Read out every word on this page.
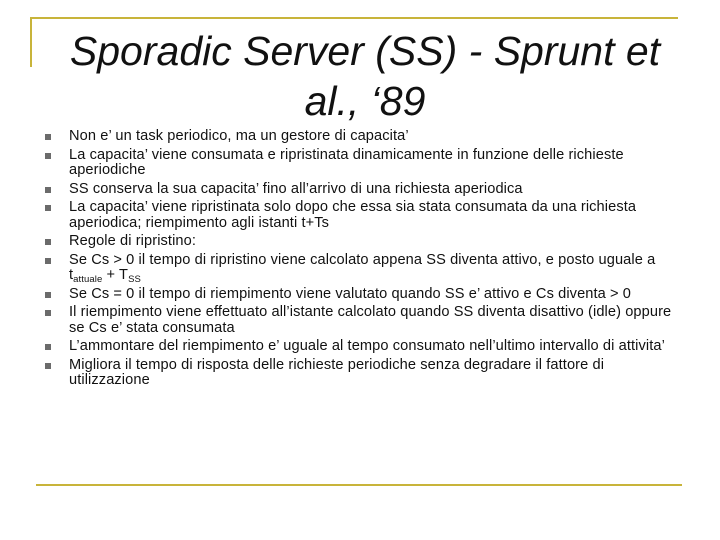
Sporadic Server (SS) - Sprunt et
al., ‘89
Non e’ un task periodico, ma un gestore di capacita’
La capacita’ viene consumata e ripristinata dinamicamente in funzione delle richieste aperiodiche
SS conserva la sua capacita’ fino all’arrivo di una richiesta aperiodica
La capacita’ viene ripristinata solo dopo che essa sia stata consumata da una richiesta aperiodica; riempimento agli istanti t+Ts
Regole di ripristino:
Se Cs > 0 il tempo di ripristino viene calcolato appena SS diventa attivo, e posto uguale a $t_{attuale} + T_{SS}$
Se Cs = 0 il tempo di riempimento viene valutato quando SS e’ attivo e Cs diventa > 0
Il riempimento viene effettuato all’istante calcolato quando SS diventa disattivo (idle) oppure se Cs e’ stata consumata
L’ammontare del riempimento e’ uguale al tempo consumato nell’ultimo intervallo di attivita’
Migliora il tempo di risposta delle richieste periodiche senza degradare il fattore di utilizzazione
